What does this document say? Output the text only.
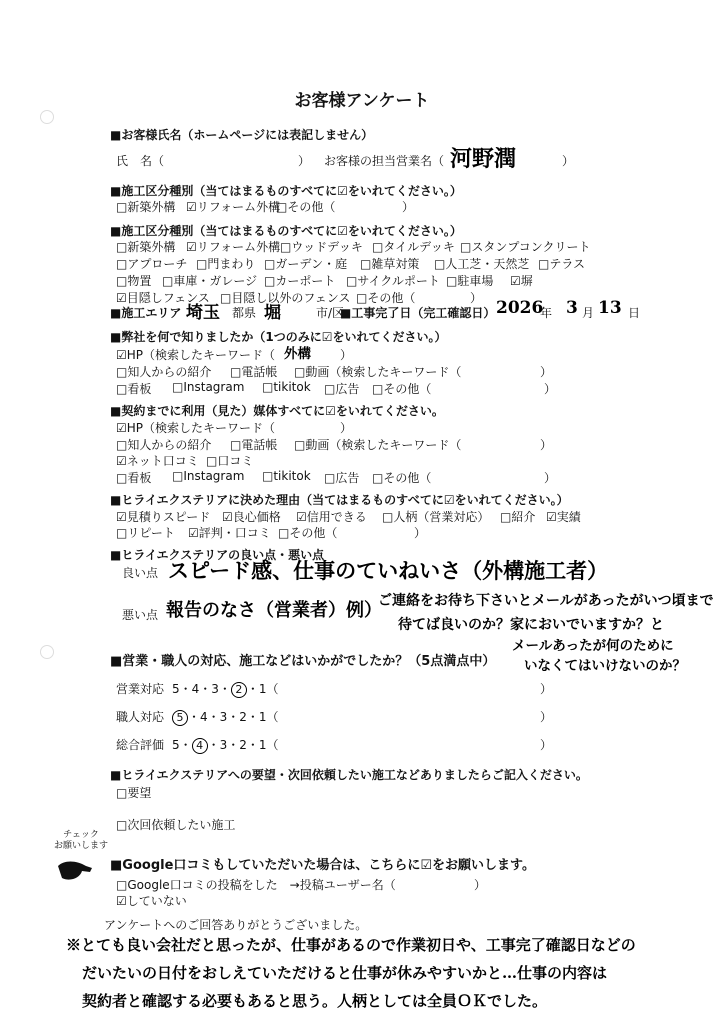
お客様アンケート
■お客様氏名（ホームページには表記しません）
氏　名（	） お客様の担当営業名（ 河野潤	）
■施工区分種別（当てはまるものすべてに☑をいれてください。）
□新築外構 ☑リフォーム外構
□その他（	）
■施工区分種別（当てはまるものすべてに☑をいれてください。）
□新築外構 ☑リフォーム外構 □ウッドデッキ □タイルデッキ □スタンプコンクリート
□アプローチ □門まわり □ガーデン・庭 □雑草対策 □人工芝・天然芝 □テラス
□物置 □車庫・ガレージ □カーポート □サイクルポート □駐車場 ☑塀
☑目隠しフェンス □目隠し以外のフェンス □その他（	）
■施工エリア 埼玉 都県 堀	市/区
■工事完了日（完工確認日） 2026
年 3 月 13 日
■弊社を何で知りましたか（1つのみに☑をいれてください。）
☑HP（検索したキーワード（ 外構 ）
□知人からの紹介 □電話帳 □動画（検索したキーワード（	）
□看板 □Instagram □tikitok □広告 □その他（	）
■契約までに利用（見た）媒体すべてに☑をいれてください。
☑HP（検索したキーワード（	）
□知人からの紹介 □電話帳 □動画（検索したキーワード（	）
☑ネット口コミ □口コミ
□看板 □Instagram □tikitok □広告 □その他（	）
■ヒライエクステリアに決めた理由（当てはまるものすべてに☑をいれてください。）
☑見積りスピード ☑良心価格 ☑信用できる □人柄（営業対応） □紹介 ☑実績
□リピート ☑評判・口コミ □その他（	）
■ヒライエクステリアの良い点・悪い点
良い点 スピード感、仕事のていねいさ（外構施工者）
悪い点 報告のなさ（営業者）例）
ご連絡をお待ち下さいとメールがあったがいつ頃まで
待てば良いのか？家においでいますか？と
メールあったが何のために
いなくてはいけないのか？
■営業・職人の対応、施工などはいかがでしたか？（5点満点中）
営業対応 5・4・3・ 2 ・1（	）
職人対応	5 ・4・3・2・1（	）
総合評価 5・ 4 ・3・2・1（	）
■ヒライエクステリアへの要望・次回依頼したい施工などありましたらご記入ください。
□要望
□次回依頼したい施工
チェック
お願いします
■Google口コミもしていただいた場合は、こちらに☑をお願いします。
□Google口コミの投稿をした　→投稿ユーザー名（	）
☑していない
アンケートへのご回答ありがとうございました。
※とても良い会社だと思ったが、仕事があるので作業初日や、工事完了確認日などの
だいたいの日付をおしえていただけると仕事が休みやすいかと…仕事の内容は
契約者と確認する必要もあると思う。人柄としては全員ＯＫでした。
